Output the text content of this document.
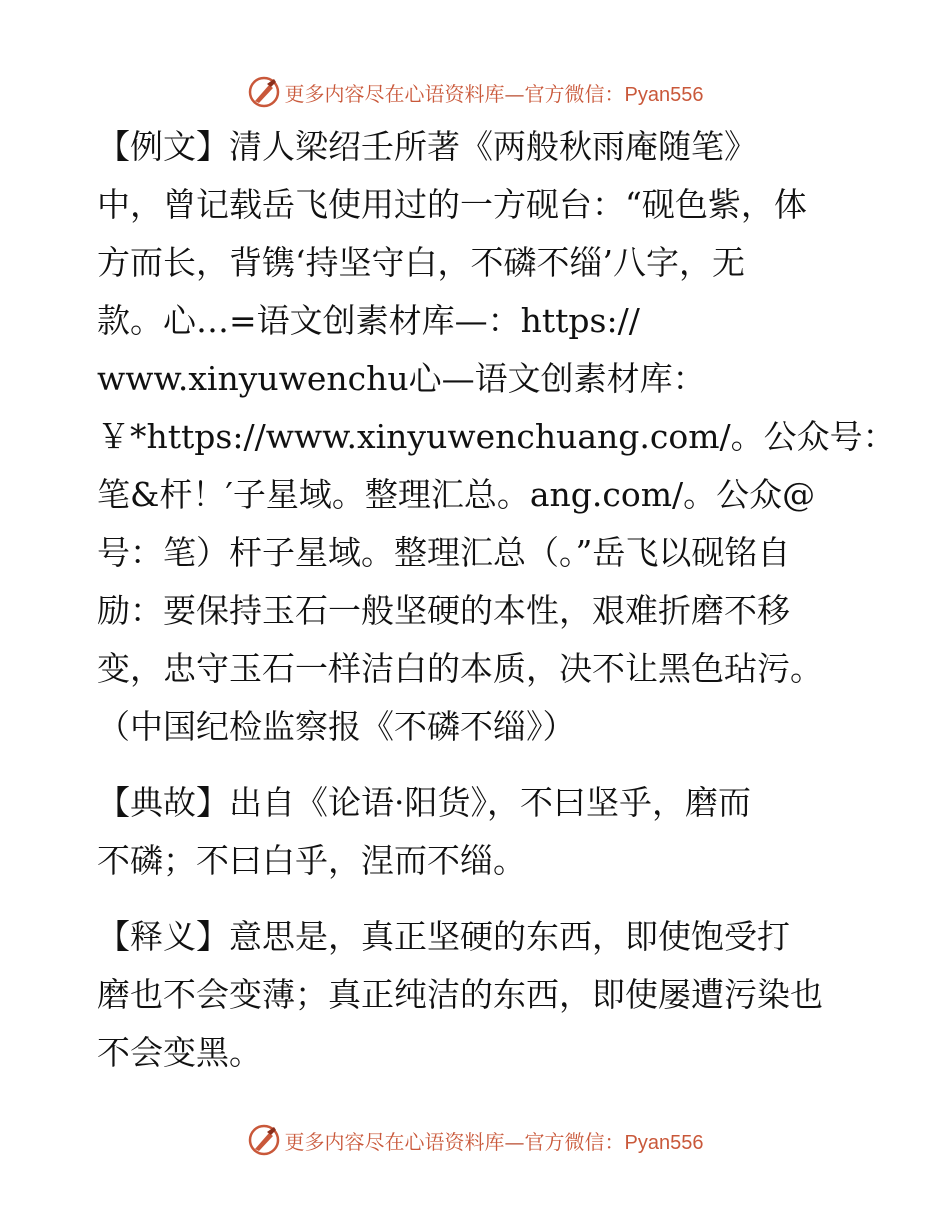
更多内容尽在心语资料库—官方微信：Pyan556
【例文】清人梁绍壬所著《两般秋雨庵随笔》
中，曾记载岳飞使用过的一方砚台：“砚色紫，体
方而长，背镌‘持坚守白，不磷不缁’八字，无
款。心…=语文创素材库—：https://
www.xinyuwenchu心—语文创素材库：
￥*https://www.xinyuwenchuang.com/。公众号：
笔&杆！′子星域。整理汇总。ang.com/。公众@
号：笔）杆子星域。整理汇总（。”岳飞以砚铭自
励：要保持玉石一般坚硬的本性，艰难折磨不移
变，忠守玉石一样洁白的本质，决不让黑色玷污。
（中国纪检监察报《不磷不缁》）
【典故】出自《论语·阳货》，不曰坚乎，磨而
不磷；不曰白乎，涅而不缁。
【释义】意思是，真正坚硬的东西，即使饱受打
磨也不会变薄；真正纯洁的东西，即使屡遭污染也
不会变黑。
更多内容尽在心语资料库—官方微信：Pyan556
